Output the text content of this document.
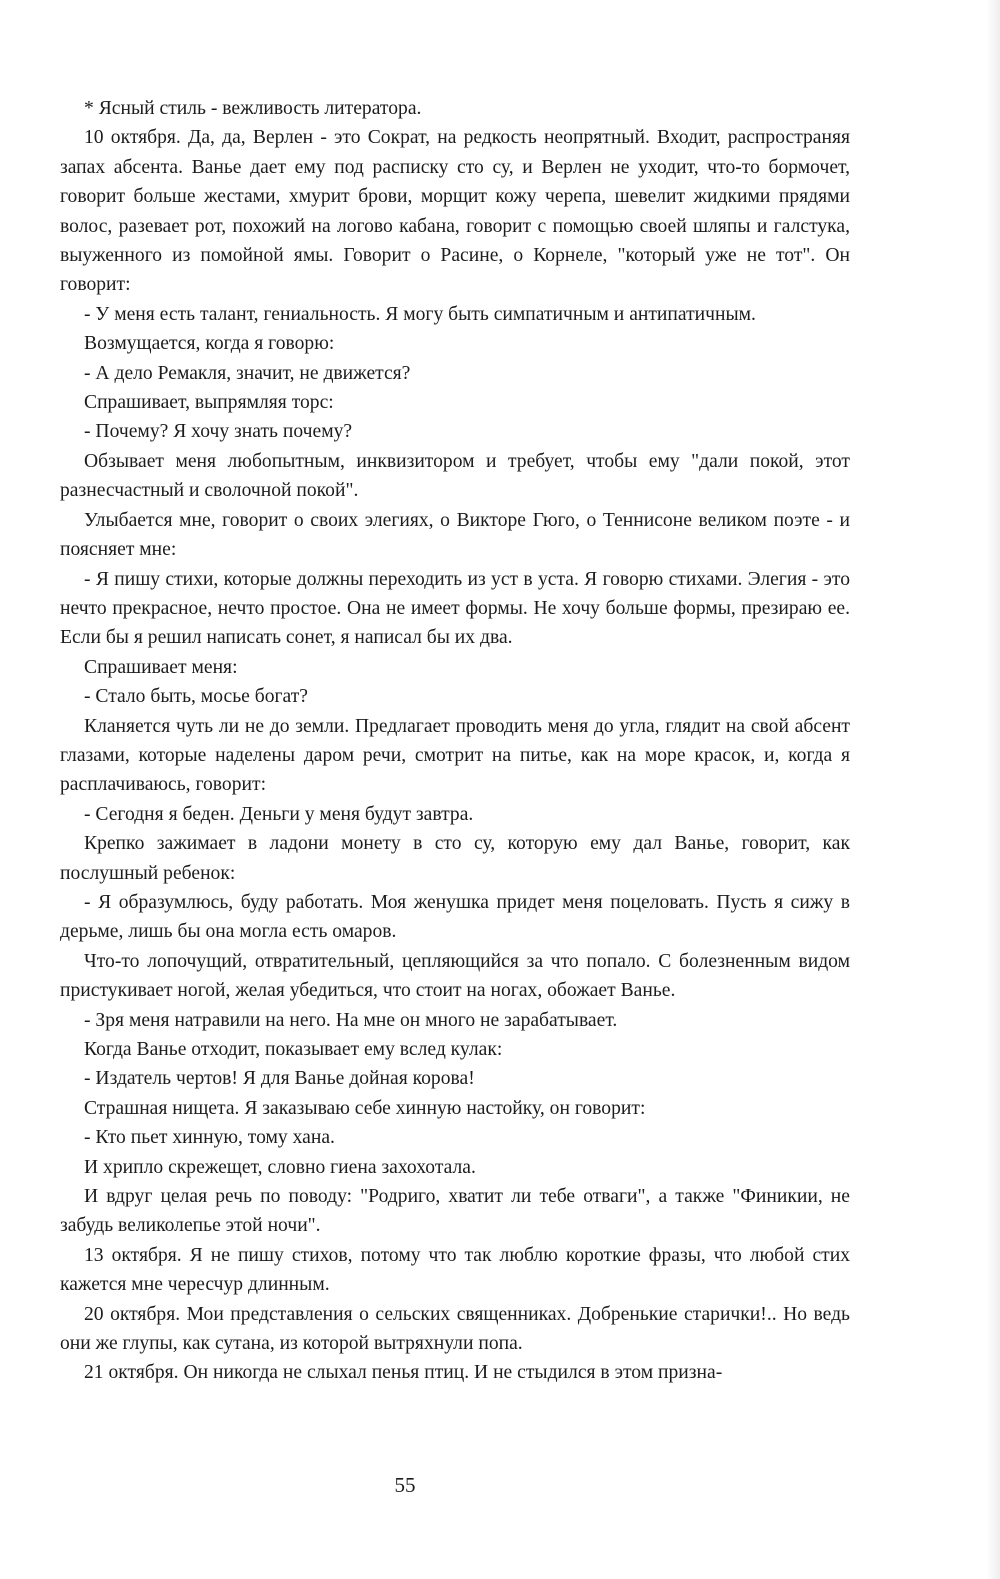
* Ясный стиль - вежливость литератора.

10 октября. Да, да, Верлен - это Сократ, на редкость неопрятный. Входит, распространяя запах абсента. Ванье дает ему под расписку сто су, и Верлен не уходит, что-то бормочет, говорит больше жестами, хмурит брови, морщит кожу черепа, шевелит жидкими прядями волос, разевает рот, похожий на логово кабана, говорит с помощью своей шляпы и галстука, выуженного из помойной ямы. Говорит о Расине, о Корнеле, "который уже не тот". Он говорит:

- У меня есть талант, гениальность. Я могу быть симпатичным и антипатичным.

Возмущается, когда я говорю:

- А дело Ремакля, значит, не движется?

Спрашивает, выпрямляя торс:

- Почему? Я хочу знать почему?

Обзывает меня любопытным, инквизитором и требует, чтобы ему "дали покой, этот разнесчастный и сволочной покой".

Улыбается мне, говорит о своих элегиях, о Викторе Гюго, о Теннисоне великом поэте - и поясняет мне:

- Я пишу стихи, которые должны переходить из уст в уста. Я говорю стихами. Элегия - это нечто прекрасное, нечто простое. Она не имеет формы. Не хочу больше формы, презираю ее. Если бы я решил написать сонет, я написал бы их два.

Спрашивает меня:

- Стало быть, мосье богат?

Кланяется чуть ли не до земли. Предлагает проводить меня до угла, глядит на свой абсент глазами, которые наделены даром речи, смотрит на питье, как на море красок, и, когда я расплачиваюсь, говорит:

- Сегодня я беден. Деньги у меня будут завтра.

Крепко зажимает в ладони монету в сто су, которую ему дал Ванье, говорит, как послушный ребенок:

- Я образумлюсь, буду работать. Моя женушка придет меня поцеловать. Пусть я сижу в дерьме, лишь бы она могла есть омаров.

Что-то лопочущий, отвратительный, цепляющийся за что попало. С болезненным видом пристукивает ногой, желая убедиться, что стоит на ногах, обожает Ванье.

- Зря меня натравили на него. На мне он много не зарабатывает.

Когда Ванье отходит, показывает ему вслед кулак:

- Издатель чертов! Я для Ванье дойная корова!

Страшная нищета. Я заказываю себе хинную настойку, он говорит:

- Кто пьет хинную, тому хана.

И хрипло скрежещет, словно гиена захохотала.

И вдруг целая речь по поводу: "Родриго, хватит ли тебе отваги", а также "Финикии, не забудь великолепье этой ночи".

13 октября. Я не пишу стихов, потому что так люблю короткие фразы, что любой стих кажется мне чересчур длинным.

20 октября. Мои представления о сельских священниках. Добренькие старички!.. Но ведь они же глупы, как сутана, из которой вытряхнули попа.

21 октября. Он никогда не слыхал пенья птиц. И не стыдился в этом призна-

55
